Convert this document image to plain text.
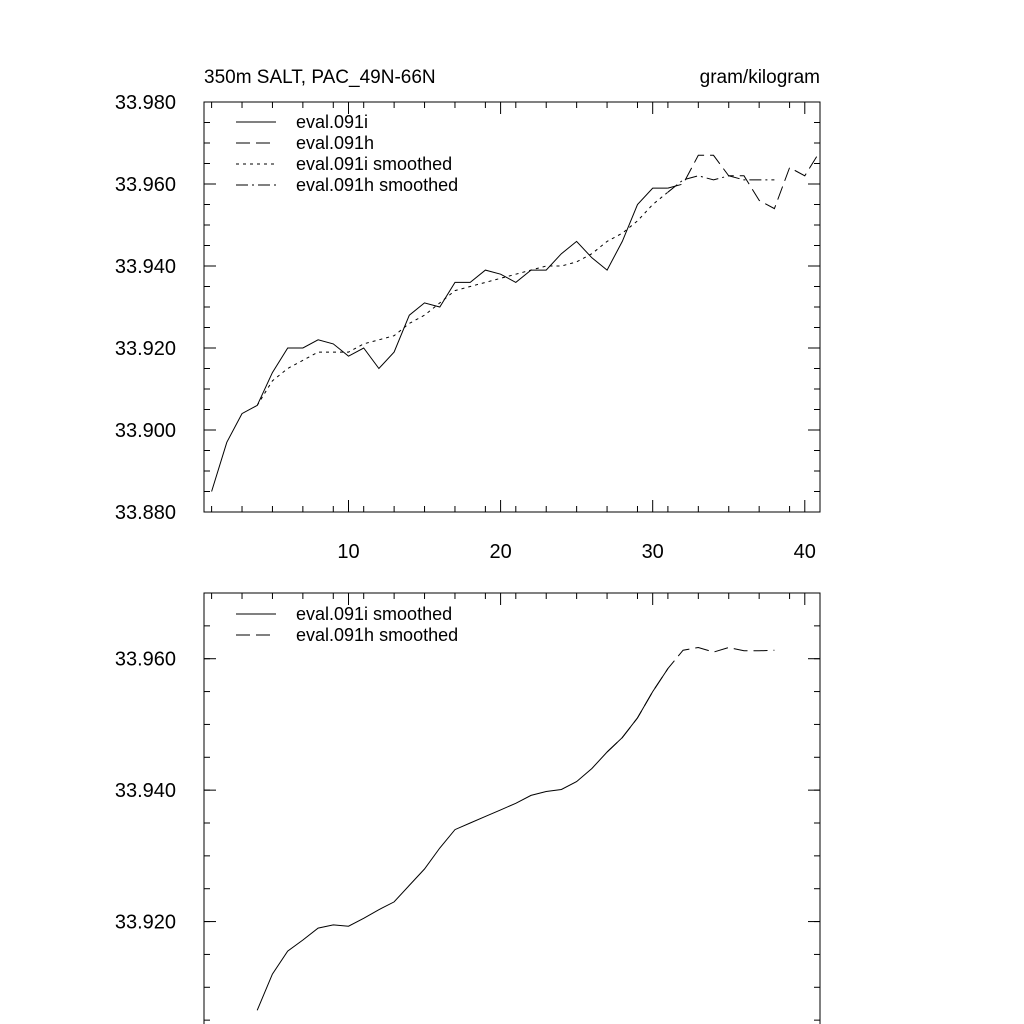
350m SALT, PAC_49N-66N	gram/kilogram
10	20	30	40
33.880
33.900
33.920
33.940
33.960
33.980
eval.091i
eval.091h
eval.091i smoothed
eval.091h smoothed
33.920
33.940
33.960
eval.091i smoothed
eval.091h smoothed
